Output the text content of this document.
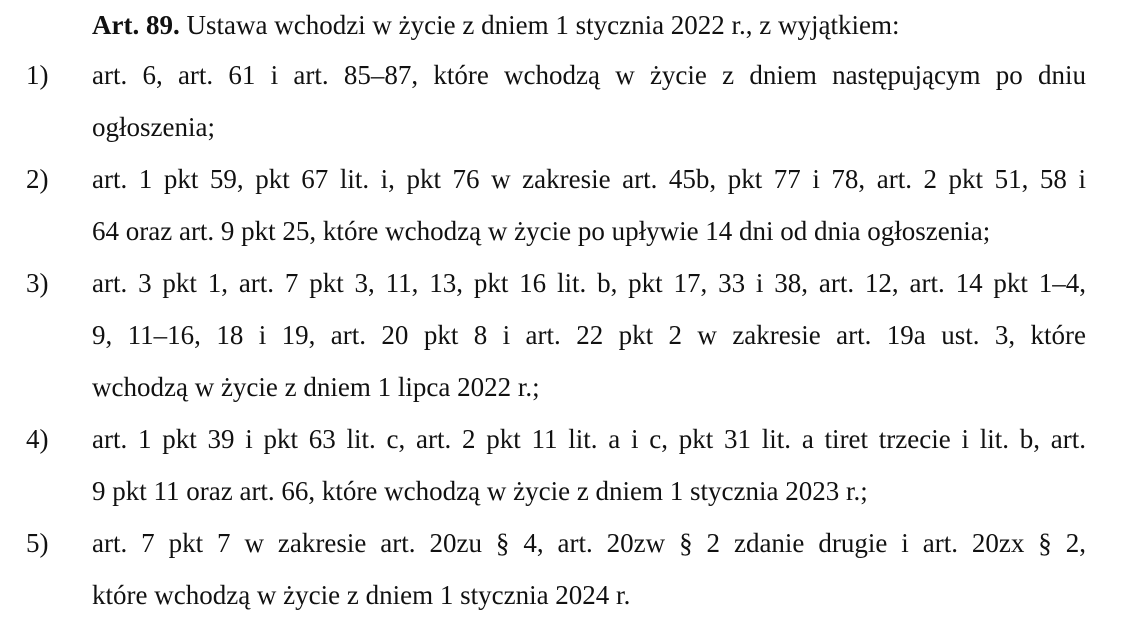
Art. 89. Ustawa wchodzi w życie z dniem 1 stycznia 2022 r., z wyjątkiem:
1) art. 6, art. 61 i art. 85–87, które wchodzą w życie z dniem następującym po dniu
ogłoszenia;
2) art. 1 pkt 59, pkt 67 lit. i, pkt 76 w zakresie art. 45b, pkt 77 i 78, art. 2 pkt 51, 58 i
64 oraz art. 9 pkt 25, które wchodzą w życie po upływie 14 dni od dnia ogłoszenia;
3) art. 3 pkt 1, art. 7 pkt 3, 11, 13, pkt 16 lit. b, pkt 17, 33 i 38, art. 12, art. 14 pkt 1–4,
9, 11–16, 18 i 19, art. 20 pkt 8 i art. 22 pkt 2 w zakresie art. 19a ust. 3, które
wchodzą w życie z dniem 1 lipca 2022 r.;
4) art. 1 pkt 39 i pkt 63 lit. c, art. 2 pkt 11 lit. a i c, pkt 31 lit. a tiret trzecie i lit. b, art.
9 pkt 11 oraz art. 66, które wchodzą w życie z dniem 1 stycznia 2023 r.;
5) art. 7 pkt 7 w zakresie art. 20zu § 4, art. 20zw § 2 zdanie drugie i art. 20zx § 2,
które wchodzą w życie z dniem 1 stycznia 2024 r.
